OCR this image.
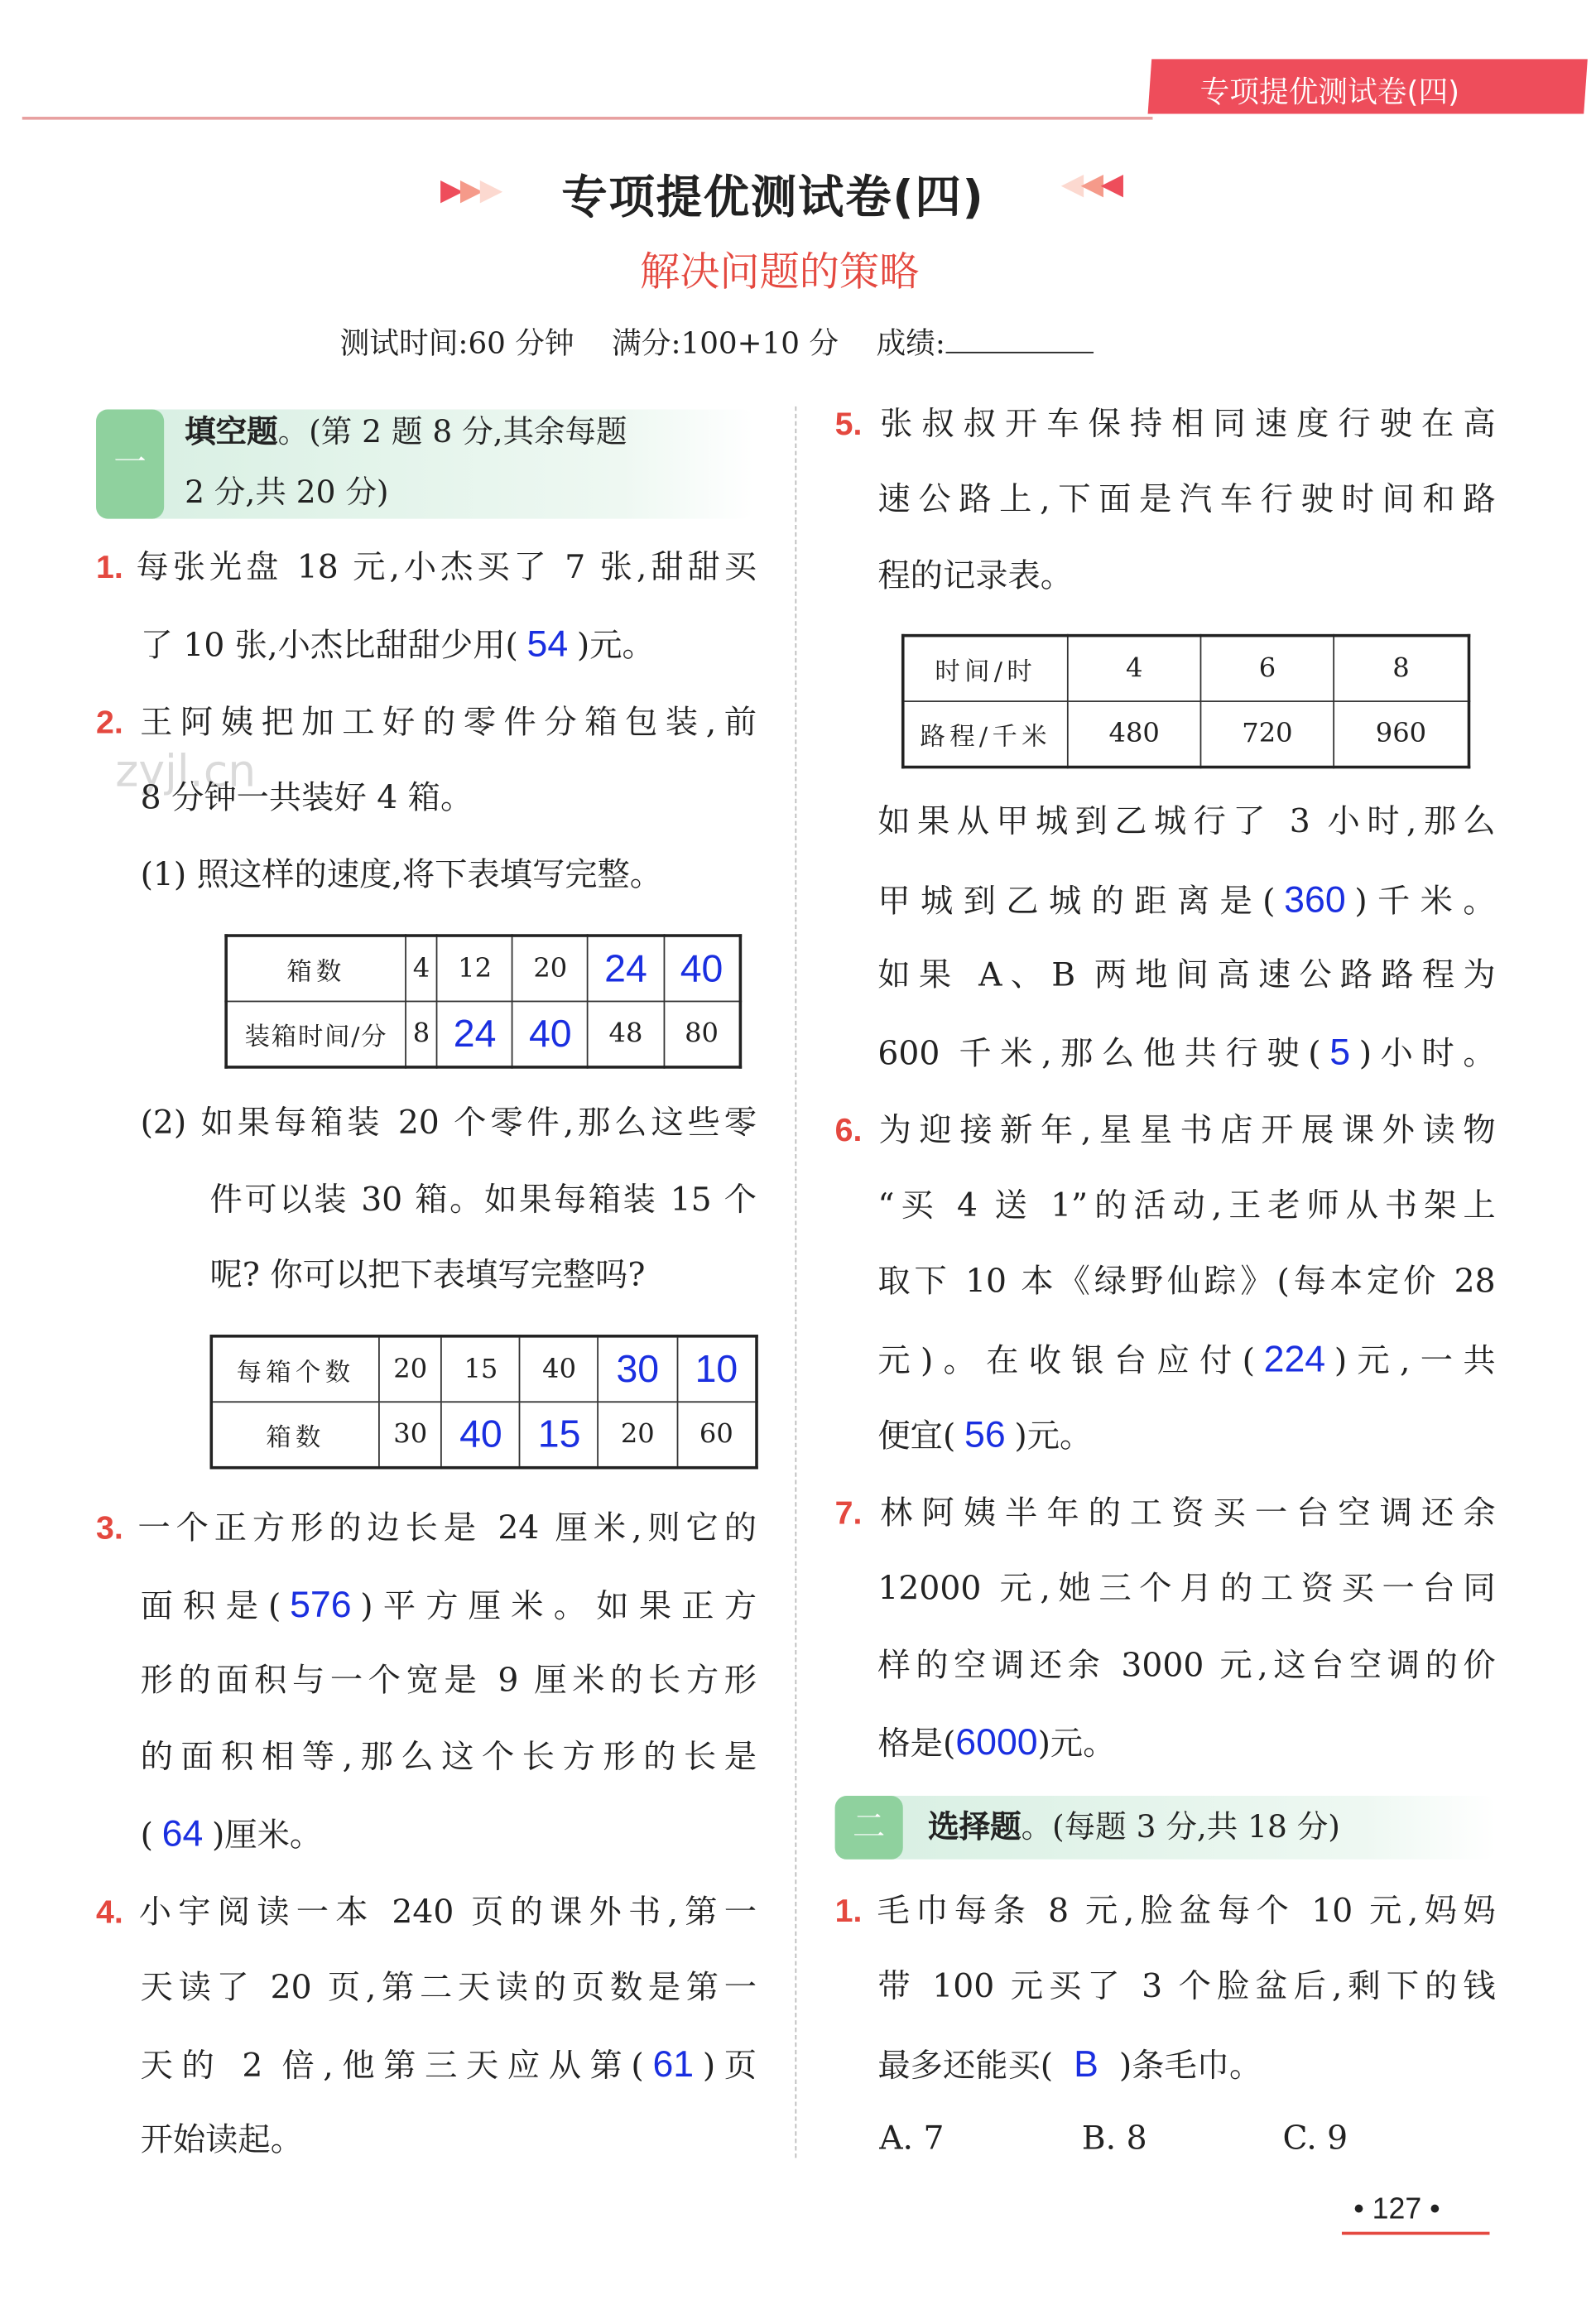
专项提优测试卷(四)
▶▶▶ 专项提优测试卷(四)	◀◀◀
解决问题的策略
测试时间:60 分钟 满分:100+10 分 成绩:
zyjl.cn
一
填空题。(第 2 题 8 分,其余每题
2 分,共 20 分)
1. 每张光盘 18 元,小杰买了 7 张,甜甜买
了 10 张,小杰比甜甜少用( 54 )元。
2. 王阿姨把加工好的零件分箱包装,前
8 分钟一共装好 4 箱。
(1) 照这样的速度,将下表填写完整。
箱数	4	12	20	24	40
装箱时间/分	8	24	40	48	80
(2) 如果每箱装 20 个零件,那么这些零
件可以装 30 箱。如果每箱装 15 个
呢? 你可以把下表填写完整吗?
每箱个数	20	15	40	30	10
箱数	30	40	15	20	60
3. 一个正方形的边长是 24 厘米,则它的
面积是( 576 )平方厘米。如果正方
形的面积与一个宽是 9 厘米的长方形
的面积相等,那么这个长方形的长是
( 64 )厘米。
4. 小宇阅读一本 240 页的课外书,第一
天读了 20 页,第二天读的页数是第一
天的 2 倍,他第三天应从第( 61 )页
开始读起。
5. 张叔叔开车保持相同速度行驶在高
速公路上,下面是汽车行驶时间和路
程的记录表。
时间/时	4	6	8
路程/千米	480	720	960
如果从甲城到乙城行了 3 小时,那么
甲城到乙城的距离是( 360 )千米。
如果 A、B 两地间高速公路路程为
600 千米,那么他共行驶( 5 )小时。
6. 为迎接新年,星星书店开展课外读物
“买 4 送 1”的活动,王老师从书架上
取下 10 本《绿野仙踪》(每本定价 28
元)。在收银台应付( 224 )元,一共
便宜( 56 )元。
7. 林阿姨半年的工资买一台空调还余
12000 元,她三个月的工资买一台同
样的空调还余 3000 元,这台空调的价
格是(6000)元。
二	选择题。(每题 3 分,共 18 分)
1. 毛巾每条 8 元,脸盆每个 10 元,妈妈
带 100 元买了 3 个脸盆后,剩下的钱
最多还能买( B )条毛巾。
A. 7	B. 8	C. 9
• 127 •
